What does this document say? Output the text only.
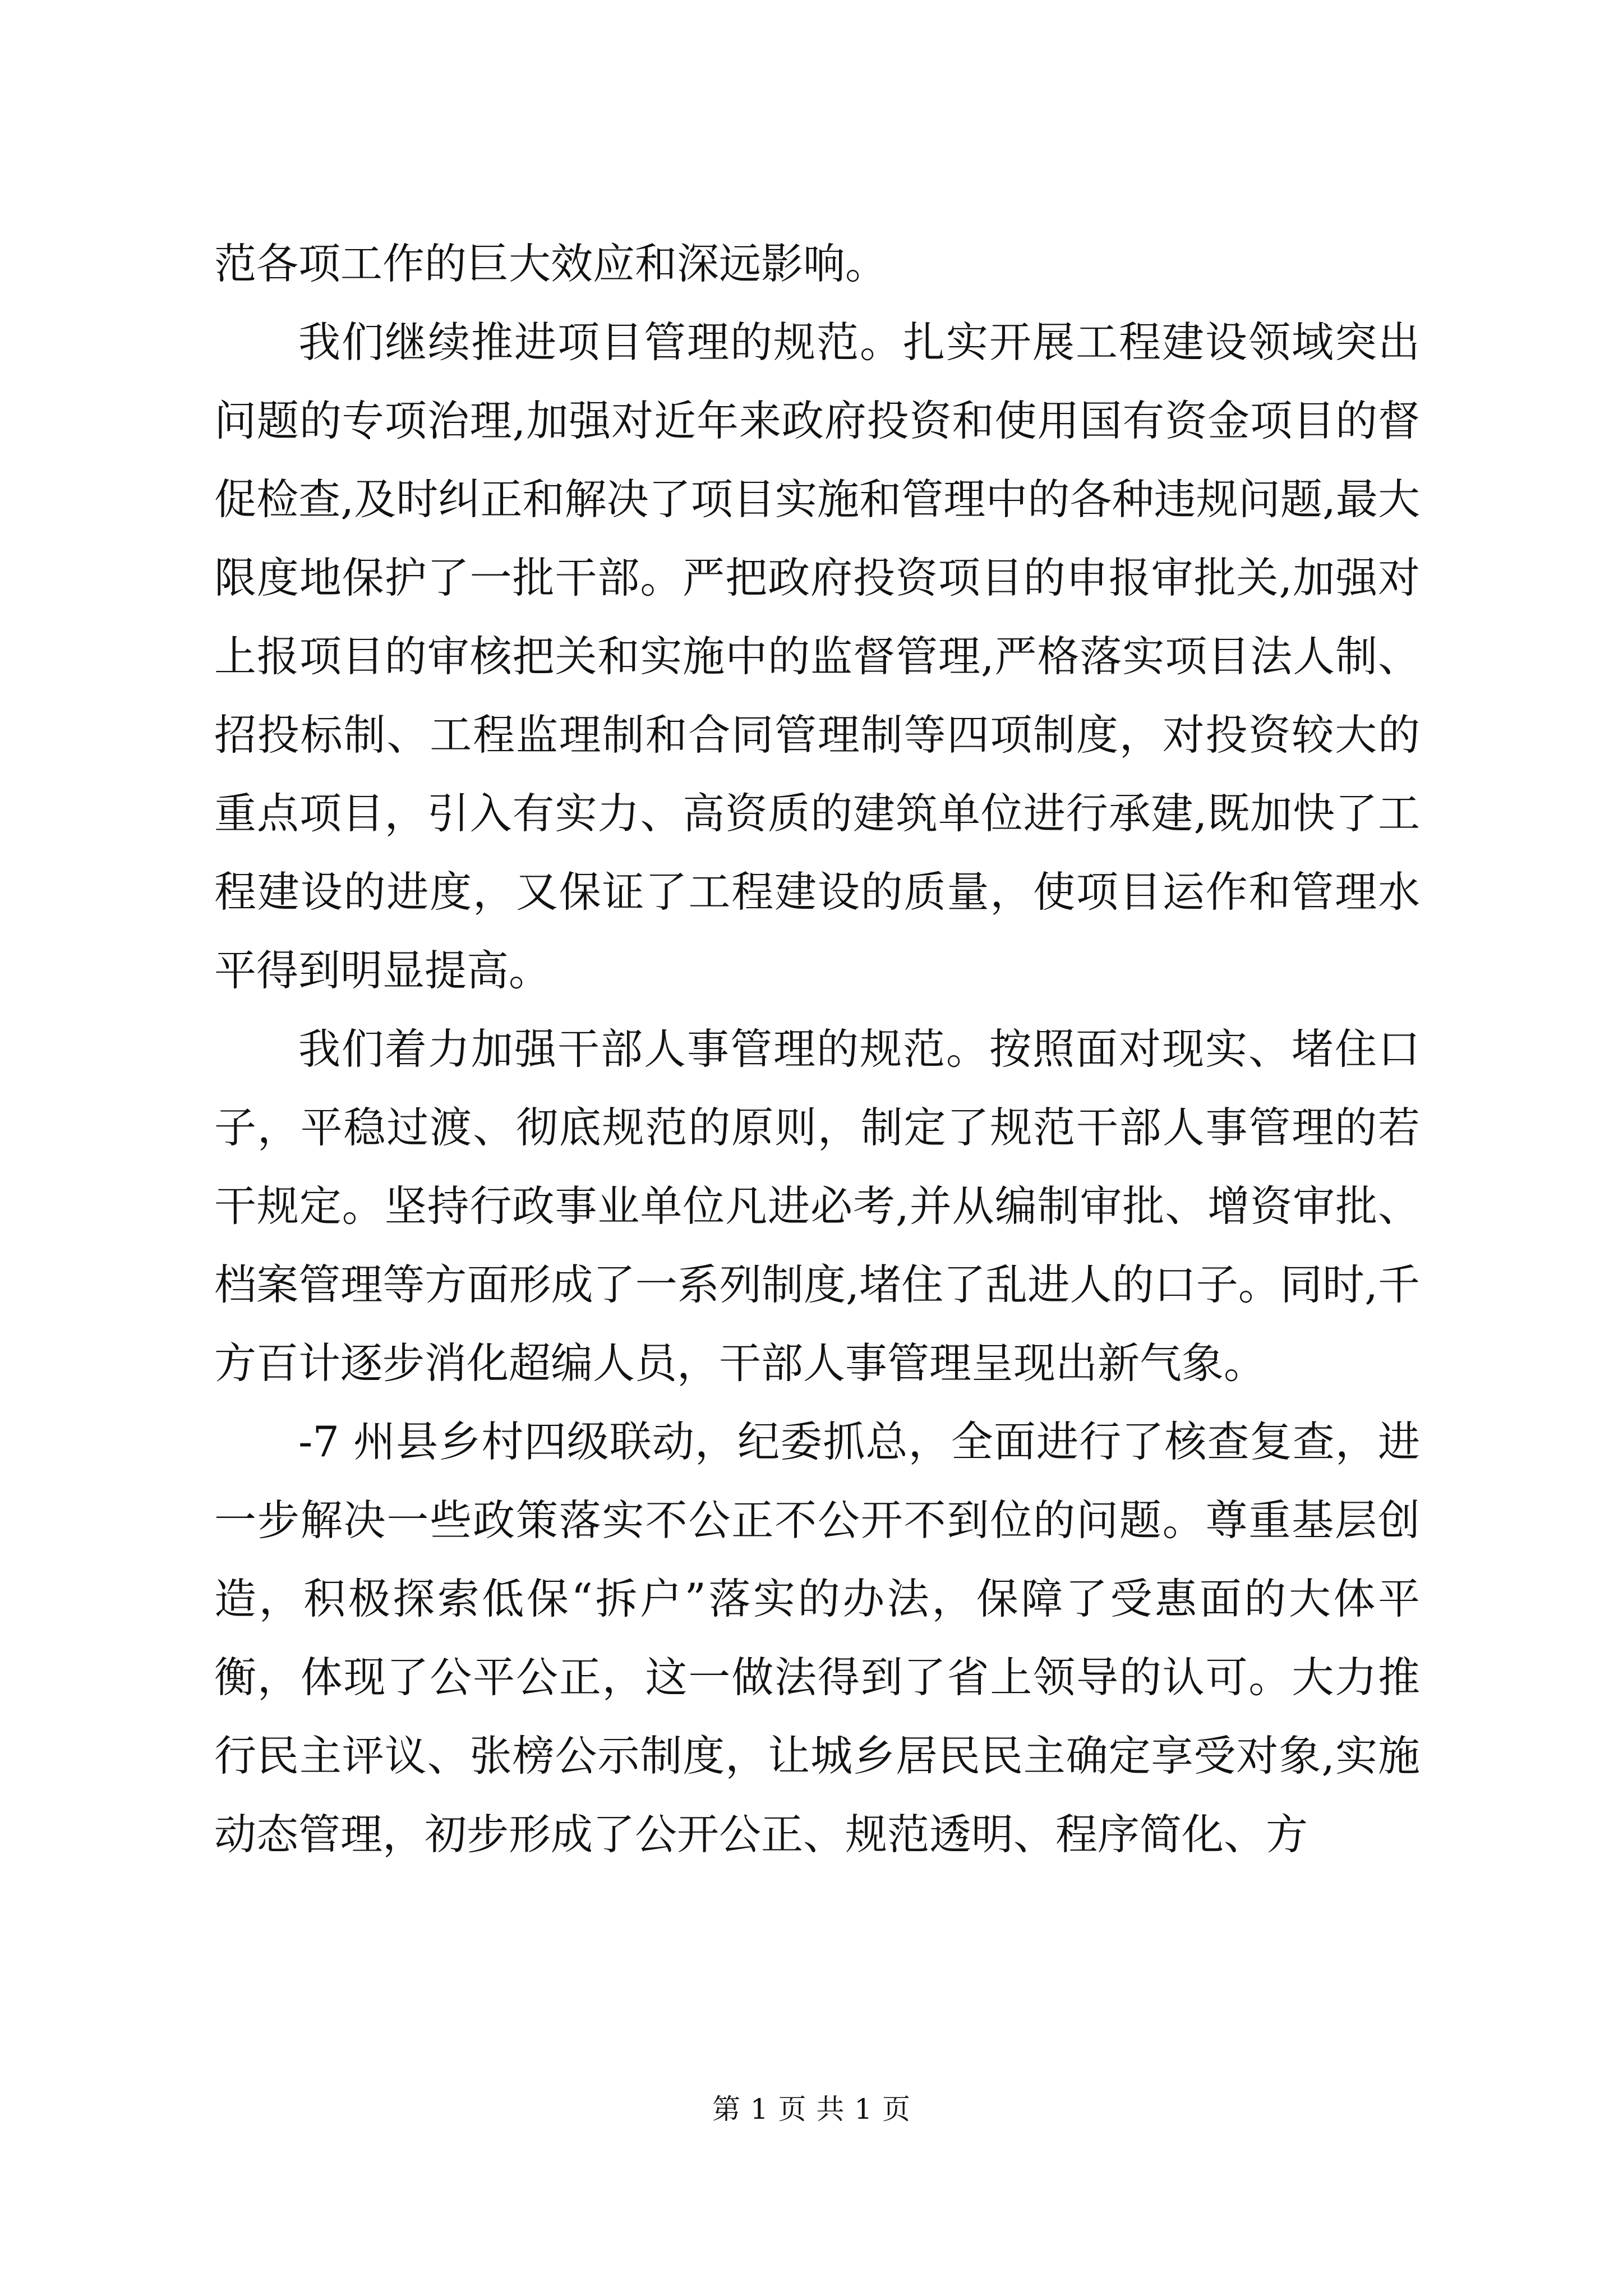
范各项工作的巨大效应和深远影响。

我们继续推进项目管理的规范。扎实开展工程建设领域突出问题的专项治理,加强对近年来政府投资和使用国有资金项目的督促检查,及时纠正和解决了项目实施和管理中的各种违规问题,最大限度地保护了一批干部。严把政府投资项目的申报审批关,加强对上报项目的审核把关和实施中的监督管理,严格落实项目法人制、招投标制、工程监理制和合同管理制等四项制度，对投资较大的重点项目，引入有实力、高资质的建筑单位进行承建,既加快了工程建设的进度，又保证了工程建设的质量，使项目运作和管理水平得到明显提高。

我们着力加强干部人事管理的规范。按照面对现实、堵住口子，平稳过渡、彻底规范的原则，制定了规范干部人事管理的若干规定。坚持行政事业单位凡进必考,并从编制审批、增资审批、档案管理等方面形成了一系列制度,堵住了乱进人的口子。同时,千方百计逐步消化超编人员，干部人事管理呈现出新气象。

-7 州县乡村四级联动，纪委抓总，全面进行了核查复查，进一步解决一些政策落实不公正不公开不到位的问题。尊重基层创造，积极探索低保“拆户”落实的办法，保障了受惠面的大体平衡，体现了公平公正，这一做法得到了省上领导的认可。大力推行民主评议、张榜公示制度，让城乡居民民主确定享受对象,实施动态管理，初步形成了公开公正、规范透明、程序简化、方

第 1 页 共 1 页
